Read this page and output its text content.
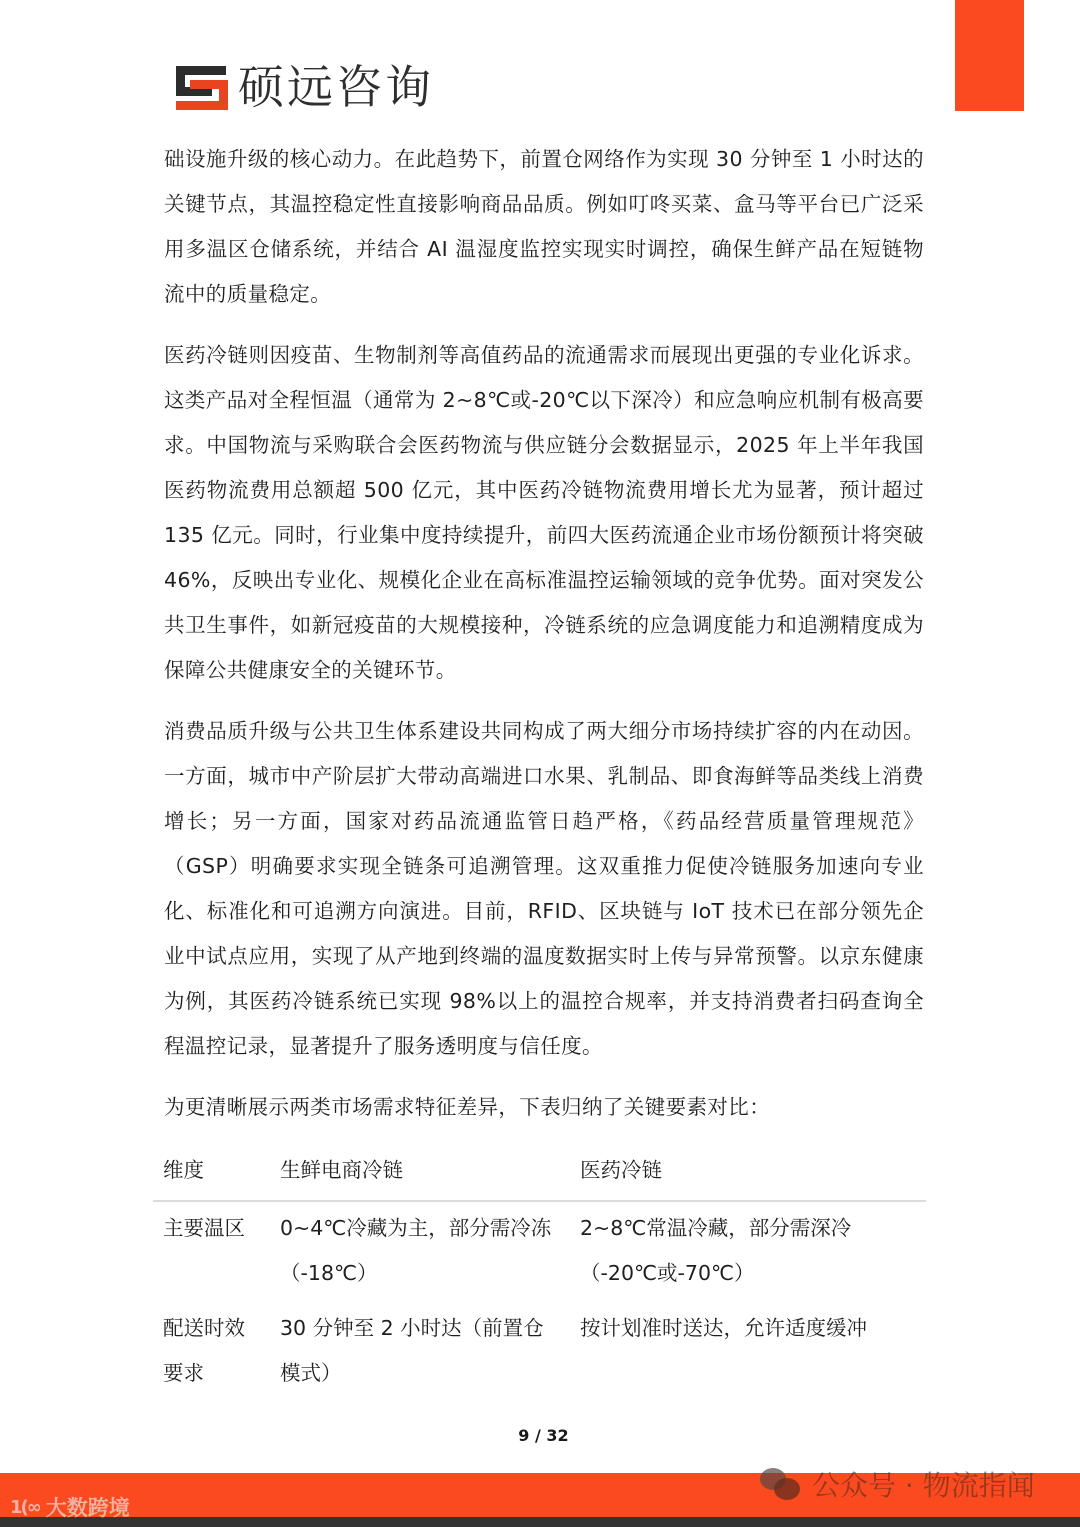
硕远咨询

础设施升级的核心动力。在此趋势下，前置仓网络作为实现 30 分钟至 1 小时达的关键节点，其温控稳定性直接影响商品品质。例如叮咚买菜、盒马等平台已广泛采用多温区仓储系统，并结合 AI 温湿度监控实现实时调控，确保生鲜产品在短链物流中的质量稳定。

医药冷链则因疫苗、生物制剂等高值药品的流通需求而展现出更强的专业化诉求。这类产品对全程恒温（通常为 2~8℃或-20℃以下深冷）和应急响应机制有极高要求。中国物流与采购联合会医药物流与供应链分会数据显示，2025 年上半年我国医药物流费用总额超 500 亿元，其中医药冷链物流费用增长尤为显著，预计超过 135 亿元。同时，行业集中度持续提升，前四大医药流通企业市场份额预计将突破 46%，反映出专业化、规模化企业在高标准温控运输领域的竞争优势。面对突发公共卫生事件，如新冠疫苗的大规模接种，冷链系统的应急调度能力和追溯精度成为保障公共健康安全的关键环节。

消费品质升级与公共卫生体系建设共同构成了两大细分市场持续扩容的内在动因。一方面，城市中产阶层扩大带动高端进口水果、乳制品、即食海鲜等品类线上消费增长；另一方面，国家对药品流通监管日趋严格，《药品经营质量管理规范》（GSP）明确要求实现全链条可追溯管理。这双重推力促使冷链服务加速向专业化、标准化和可追溯方向演进。目前，RFID、区块链与 IoT 技术已在部分领先企业中试点应用，实现了从产地到终端的温度数据实时上传与异常预警。以京东健康为例，其医药冷链系统已实现 98%以上的温控合规率，并支持消费者扫码查询全程温控记录，显著提升了服务透明度与信任度。

为更清晰展示两类市场需求特征差异，下表归纳了关键要素对比：

维度	生鲜电商冷链	医药冷链
主要温区	0~4℃冷藏为主，部分需冷冻（-18℃）	2~8℃常温冷藏，部分需深冷（-20℃或-70℃）
配送时效要求	30 分钟至 2 小时达（前置仓模式）	按计划准时送达，允许适度缓冲
9 / 32
1(∞ 大数跨境
公众号 · 物流指闻
